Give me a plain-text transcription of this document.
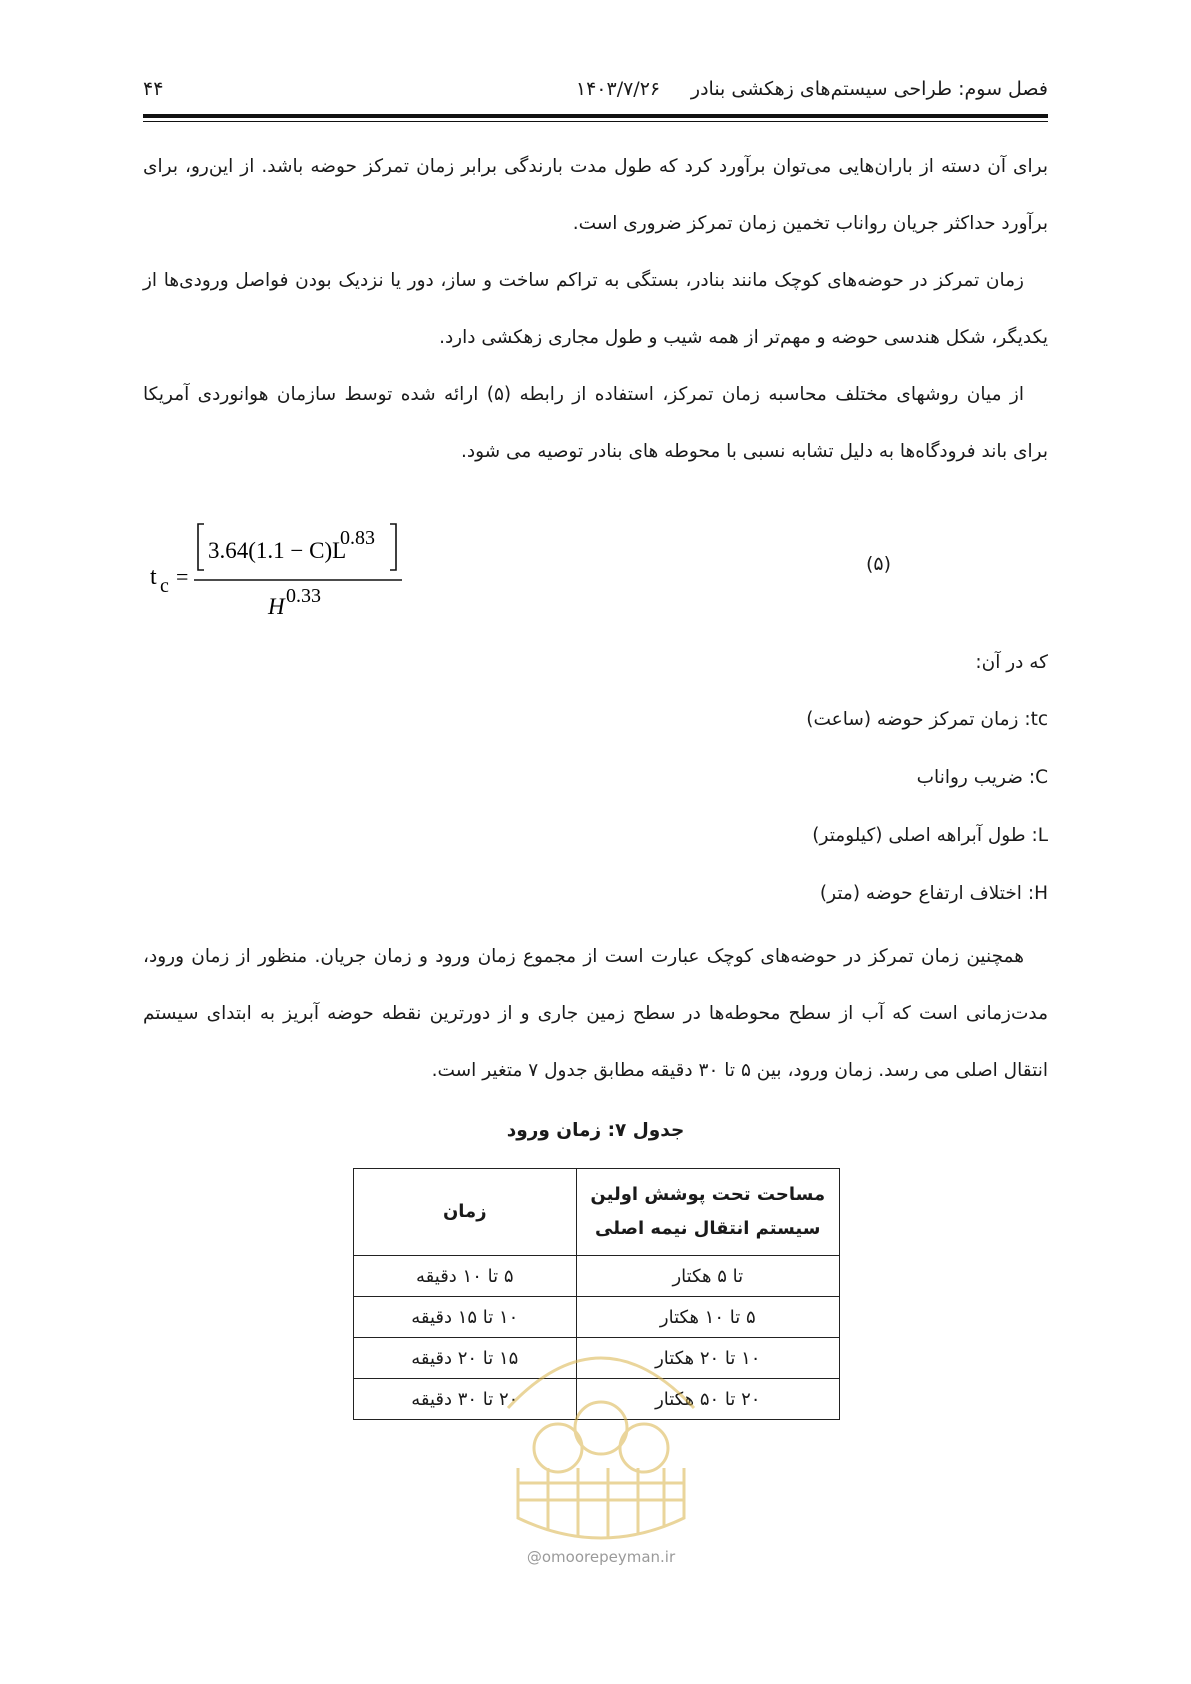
۴۴	۱۴۰۳/۷/۲۶	فصل سوم: طراحی سیستم‌های زهکشی بنادر

برای آن دسته از باران‌هایی می‌توان برآورد کرد که طول مدت بارندگی برابر زمان تمرکز حوضه باشد. از این‌رو، برای برآورد حداکثر جریان رواناب تخمین زمان تمرکز ضروری است.

زمان تمرکز در حوضه‌های کوچک مانند بنادر، بستگی به تراکم ساخت و ساز، دور یا نزدیک بودن فواصل ورودی‌ها از یکدیگر، شکل هندسی حوضه و مهم‌تر از همه شیب و طول مجاری زهکشی دارد.

از میان روشهای مختلف محاسبه زمان تمرکز، استفاده از رابطه (۵) ارائه شده توسط سازمان هوانوردی آمریکا برای باند فرودگاه‌ها به دلیل تشابه نسبی با محوطه های بنادر توصیه می شود.

t c =
3.64(1.1 − C)L
0.83
H 0.33
(۵)
که در آن:
tc: زمان تمرکز حوضه (ساعت)
C: ضریب رواناب
L: طول آبراهه اصلی (کیلومتر)
H: اختلاف ارتفاع حوضه (متر)

همچنین زمان تمرکز در حوضه‌های کوچک عبارت است از مجموع زمان ورود و زمان جریان. منظور از زمان ورود، مدت‌زمانی است که آب از سطح محوطه‌ها در سطح زمین جاری و از دورترین نقطه حوضه آبریز به ابتدای سیستم انتقال اصلی می رسد. زمان ورود، بین ۵ تا ۳۰ دقیقه مطابق جدول ۷ متغیر است.

جدول ۷: زمان ورود
مساحت تحت پوشش اولین
سیستم انتقال نیمه اصلی	زمان
تا ۵ هکتار	۵ تا ۱۰ دقیقه
۵ تا ۱۰ هکتار	۱۰ تا ۱۵ دقیقه
۱۰ تا ۲۰ هکتار	۱۵ تا ۲۰ دقیقه
۲۰ تا ۵۰ هکتار	۲۰ تا ۳۰ دقیقه
@omoorepeyman.ir
